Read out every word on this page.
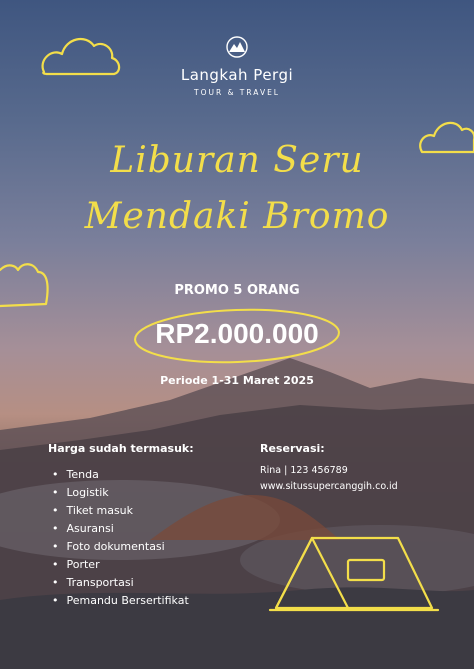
Langkah Pergi
TOUR & TRAVEL
Liburan Seru
Mendaki Bromo
PROMO 5 ORANG
RP2.000.000
Periode 1-31 Maret 2025
Harga sudah termasuk:
• Tenda
• Logistik
• Tiket masuk
• Asuransi
• Foto dokumentasi
• Porter
• Transportasi
• Pemandu Bersertifikat
Reservasi:
Rina | 123 456789
www.situssupercanggih.co.id
